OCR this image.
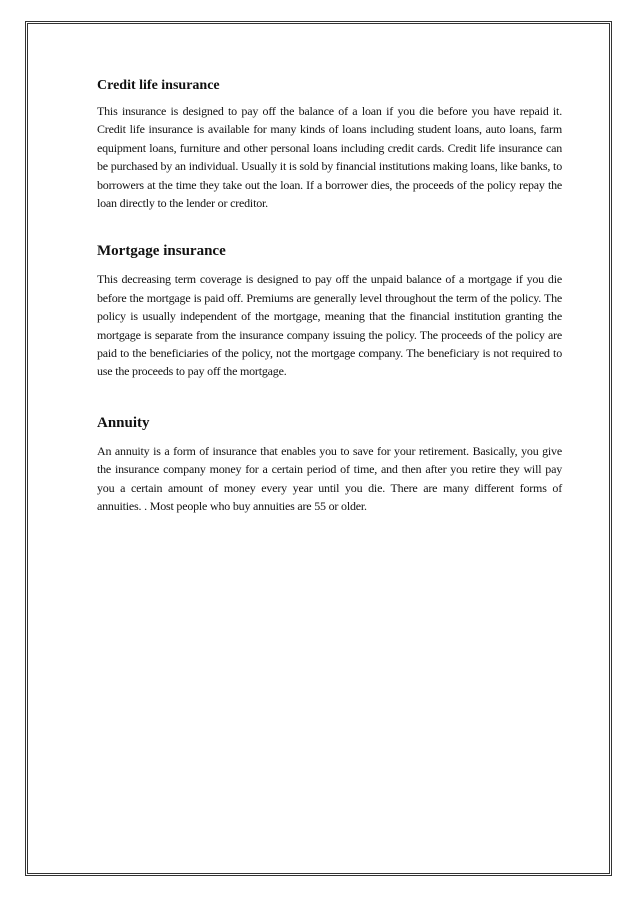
Credit life insurance

This insurance is designed to pay off the balance of a loan if you die before you have repaid it. Credit life insurance is available for many kinds of loans including student loans, auto loans, farm equipment loans, furniture and other personal loans including credit cards. Credit life insurance can be purchased by an individual. Usually it is sold by financial institutions making loans, like banks, to borrowers at the time they take out the loan. If a borrower dies, the proceeds of the policy repay the loan directly to the lender or creditor.

Mortgage insurance

This decreasing term coverage is designed to pay off the unpaid balance of a mortgage if you die before the mortgage is paid off. Premiums are generally level throughout the term of the policy. The policy is usually independent of the mortgage, meaning that the financial institution granting the mortgage is separate from the insurance company issuing the policy. The proceeds of the policy are paid to the beneficiaries of the policy, not the mortgage company. The beneficiary is not required to use the proceeds to pay off the mortgage.

Annuity

An annuity is a form of insurance that enables you to save for your retirement. Basically, you give the insurance company money for a certain period of time, and then after you retire they will pay you a certain amount of money every year until you die. There are many different forms of annuities. . Most people who buy annuities are 55 or older.
